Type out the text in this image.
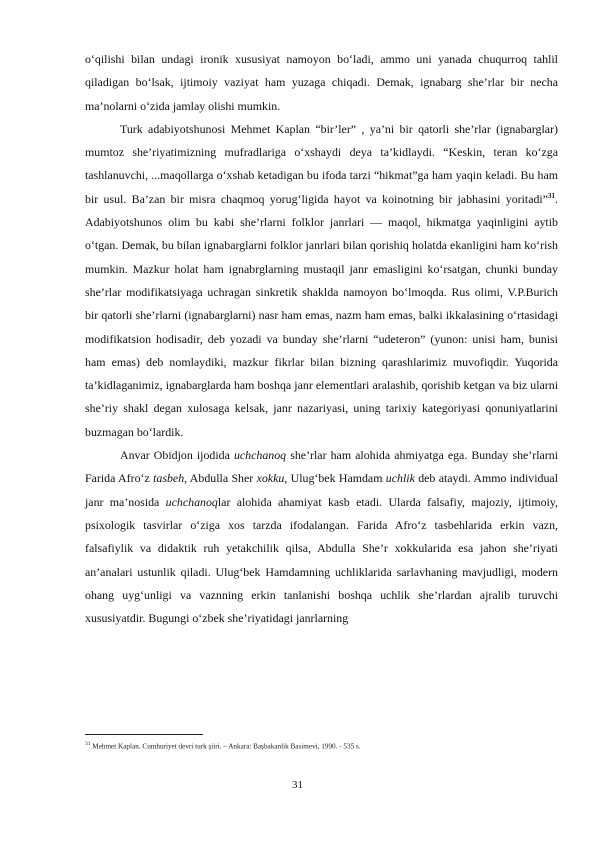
o‘qilishi bilan undagi ironik xususiyat namoyon bo‘ladi, ammo uni yanada chuqurroq tahlil qiladigan bo‘lsak, ijtimoiy vaziyat ham yuzaga chiqadi. Demak, ignabarg she’rlar bir necha ma’nolarni o‘zida jamlay olishi mumkin.

Turk adabiyotshunosi Mehmet Kaplan “bir’ler” , ya’ni bir qatorli she’rlar (ignabarglar) mumtoz she’riyatimizning mufradlariga o‘xshaydi deya ta’kidlaydi. “Keskin, teran ko‘zga tashlanuvchi, ...maqollarga o‘xshab ketadigan bu ifoda tarzi “hikmat”ga ham yaqin keladi. Bu ham bir usul. Ba’zan bir misra chaqmoq yorug‘ligida hayot va koinotning bir jabhasini yoritadi”$^{31}$. Adabiyotshunos olim bu kabi she’rlarni folklor janrlari — maqol, hikmatga yaqinligini aytib o‘tgan. Demak, bu bilan ignabarglarni folklor janrlari bilan qorishiq holatda ekanligini ham ko‘rish mumkin. Mazkur holat ham ignabrglarning mustaqil janr emasligini ko‘rsatgan, chunki bunday she’rlar modifikatsiyaga uchragan sinkretik shaklda namoyon bo‘lmoqda. Rus olimi, V.P.Burich bir qatorli she’rlarni (ignabarglarni) nasr ham emas, nazm ham emas, balki ikkalasining o‘rtasidagi modifikatsion hodisadir, deb yozadi va bunday she’rlarni “udeteron” (yunon: unisi ham, bunisi ham emas) deb nomlaydiki, mazkur fikrlar bilan bizning qarashlarimiz muvofiqdir. Yuqorida ta’kidlaganimiz, ignabarglarda ham boshqa janr elementlari aralashib, qorishib ketgan va biz ularni she’riy shakl degan xulosaga kelsak, janr nazariyasi, uning tarixiy kategoriyasi qonuniyatlarini buzmagan bo‘lardik.

Anvar Obidjon ijodida uchchanoq she’rlar ham alohida ahmiyatga ega. Bunday she’rlarni Farida Afro‘z tasbeh, Abdulla Sher xokku, Ulug‘bek Hamdam uchlik deb ataydi. Ammo individual janr ma’nosida uchchanoqlar alohida ahamiyat kasb etadi. Ularda falsafiy, majoziy, ijtimoiy, psixologik tasvirlar o‘ziga xos tarzda ifodalangan. Farida Afro‘z tasbehlarida erkin vazn, falsafiylik va didaktik ruh yetakchilik qilsa, Abdulla She’r xokkularida esa jahon she’riyati an’analari ustunlik qiladi. Ulug‘bek Hamdamning uchliklarida sarlavhaning mavjudligi, modern ohang uyg‘unligi va vaznning erkin tanlanishi boshqa uchlik she’rlardan ajralib turuvchi xususiyatdir. Bugungi o‘zbek she’riyatidagi janrlarning

$^{31}$ Mehmet Kaplan. Cumhuriyet devri turk şiiri. – Ankara: Başbakanlik Basimevi, 1990. - 535 s.
31
